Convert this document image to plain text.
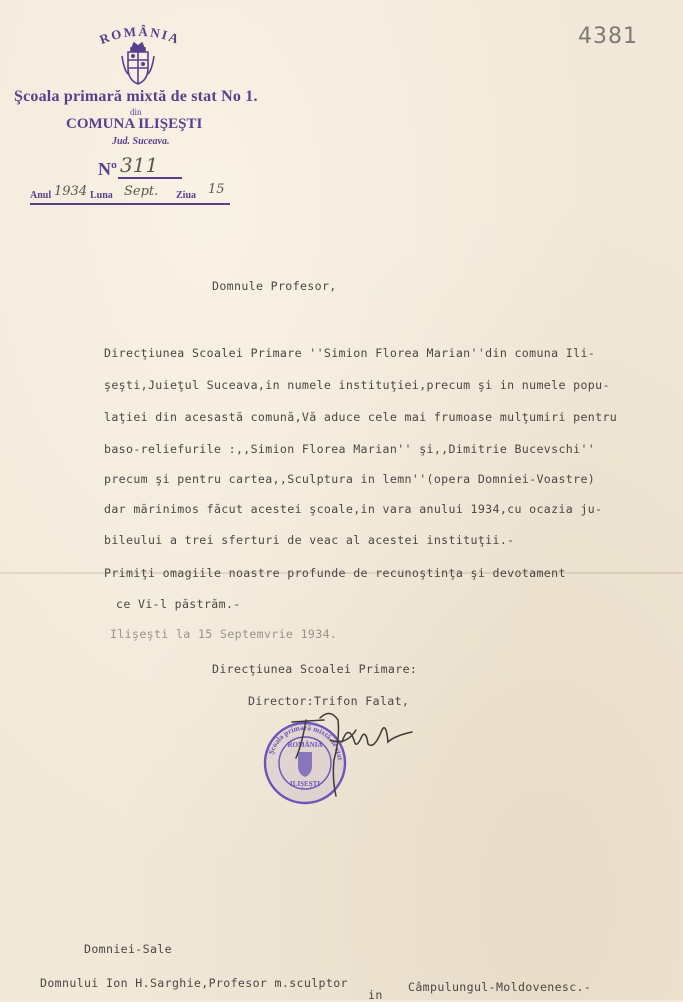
ROMÂNIA
Şcoala primară mixtă de stat No 1.
din
COMUNA ILIŞEŞTI
Jud. Suceava.
Nº 311
Anul 1934 Luna Sept. Ziua 15
4381
Domnule Profesor,
Direcţiunea Scoalei Primare ''Simion Florea Marian''din comuna Ili-
şeşti,Juieţul Suceava,in numele instituţiei,precum şi in numele popu-
laţiei din acesastă comună,Vă aduce cele mai frumoase mulţumiri pentru
baso-reliefurile :,,Simion Florea Marian'' şi,,Dimitrie Bucevschi''
precum şi pentru cartea,,Sculptura in lemn''(opera Domniei-Voastre)
dar mărinimos făcut acestei şcoale,in vara anului 1934,cu ocazia ju-
bileului a trei sferturi de veac al acestei instituţii.-
Primiţi omagiile noastre profunde de recunoştinţa şi devotament
ce Vi-l păstrăm.-
Ilişeşti la 15 Septemvrie 1934.
Direcţiunea Scoalei Primare:
Director:Trifon Falat,
Şcoala primară mixtă de stat
ROMÂNIA
ILIŞEŞTI
Domniei-Sale
Domnului Ion H.Sarghie,Profesor m.sculptor
in
Câmpulungul-Moldovenesc.-
